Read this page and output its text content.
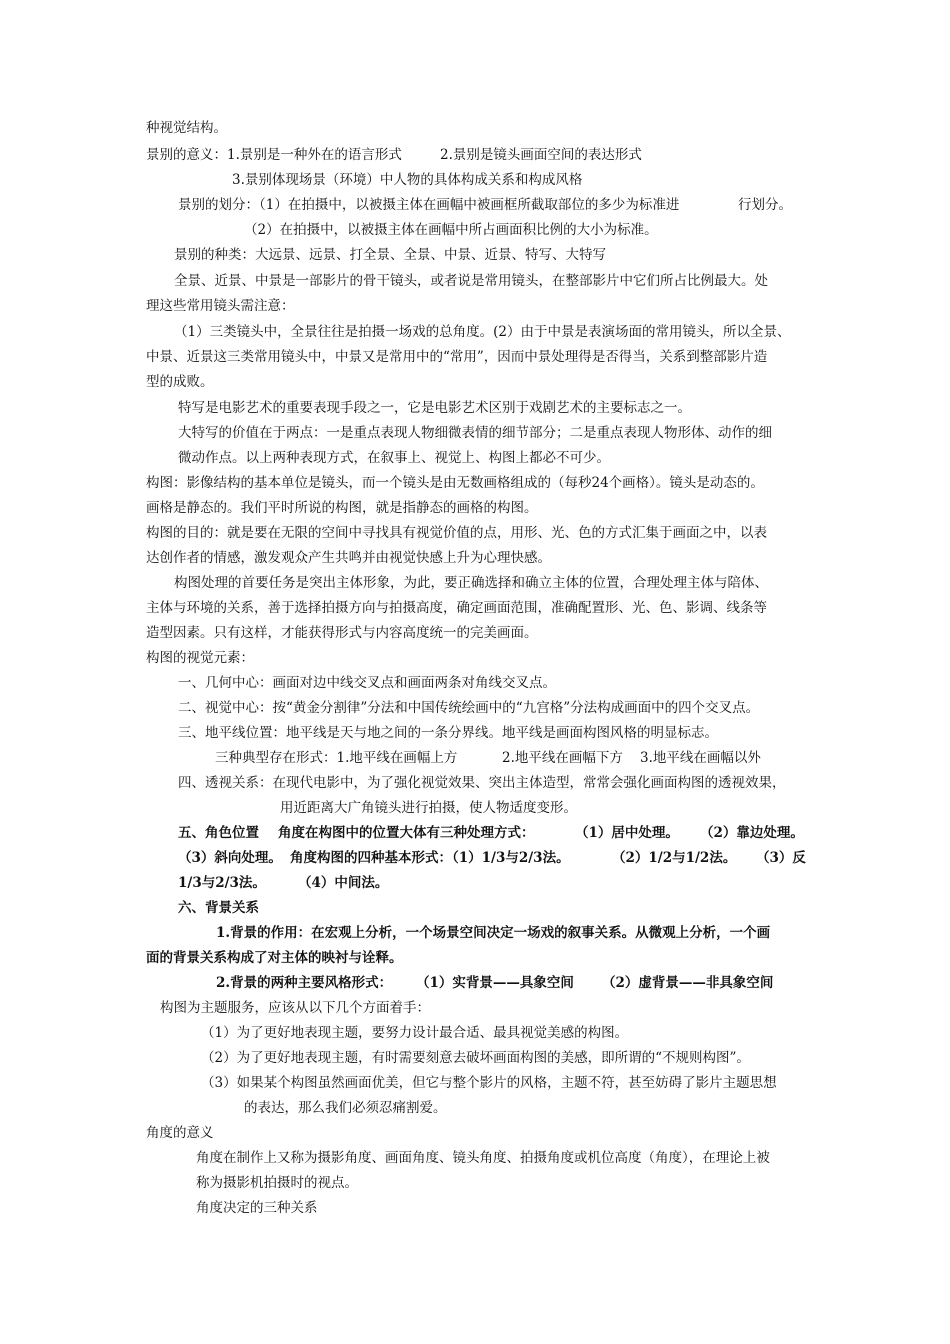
种视觉结构。
景别的意义：1.景别是一种外在的语言形式	2.景别是镜头画面空间的表达形式
3.景别体现场景（环境）中人物的具体构成关系和构成风格
景别的划分：（1）在拍摄中，以被摄主体在画幅中被画框所截取部位的多少为标准进	行划分。
（2）在拍摄中，以被摄主体在画幅中所占画面积比例的大小为标准。
景别的种类：大远景、远景、打全景、全景、中景、近景、特写、大特写
全景、近景、中景是一部影片的骨干镜头，或者说是常用镜头，在整部影片中它们所占比例最大。处
理这些常用镜头需注意：
（1）三类镜头中，全景往往是拍摄一场戏的总角度。(2）由于中景是表演场面的常用镜头，所以全景、
中景、近景这三类常用镜头中，中景又是常用中的“常用”，因而中景处理得是否得当，关系到整部影片造
型的成败。
特写是电影艺术的重要表现手段之一，它是电影艺术区别于戏剧艺术的主要标志之一。
大特写的价值在于两点：一是重点表现人物细微表情的细节部分；二是重点表现人物形体、动作的细
微动作点。以上两种表现方式，在叙事上、视觉上、构图上都必不可少。
构图：影像结构的基本单位是镜头，而一个镜头是由无数画格组成的（每秒24个画格）。镜头是动态的。
画格是静态的。我们平时所说的构图，就是指静态的画格的构图。
构图的目的：就是要在无限的空间中寻找具有视觉价值的点，用形、光、色的方式汇集于画面之中，以表
达创作者的情感，激发观众产生共鸣并由视觉快感上升为心理快感。
构图处理的首要任务是突出主体形象，为此，要正确选择和确立主体的位置，合理处理主体与陪体、
主体与环境的关系，善于选择拍摄方向与拍摄高度，确定画面范围，准确配置形、光、色、影调、线条等
造型因素。只有这样，才能获得形式与内容高度统一的完美画面。
构图的视觉元素：
一、几何中心：画面对边中线交叉点和画面两条对角线交叉点。
二、视觉中心：按“黄金分割律”分法和中国传统绘画中的“九宫格”分法构成画面中的四个交叉点。
三、地平线位置：地平线是天与地之间的一条分界线。地平线是画面构图风格的明显标志。
三种典型存在形式：1.地平线在画幅上方	2.地平线在画幅下方 3.地平线在画幅以外
四、透视关系：在现代电影中，为了强化视觉效果、突出主体造型，常常会强化画面构图的透视效果，
用近距离大广角镜头进行拍摄，使人物适度变形。
五、角色位置 角度在构图中的位置大体有三种处理方式：	（1）居中处理。 （2）靠边处理。
（3）斜向处理。 角度构图的四种基本形式：（1）1/3与2/3法。	（2）1/2与1/2法。 （3）反
1/3与2/3法。 （4）中间法。
六、背景关系
1.背景的作用：在宏观上分析，一个场景空间决定一场戏的叙事关系。从微观上分析，一个画
面的背景关系构成了对主体的映衬与诠释。
2.背景的两种主要风格形式： （1）实背景——具象空间 （2）虚背景——非具象空间
构图为主题服务，应该从以下几个方面着手：
（1）为了更好地表现主题，要努力设计最合适、最具视觉美感的构图。
（2）为了更好地表现主题，有时需要刻意去破坏画面构图的美感，即所谓的“不规则构图”。
（3）如果某个构图虽然画面优美，但它与整个影片的风格，主题不符，甚至妨碍了影片主题思想
的表达，那么我们必须忍痛割爱。
角度的意义
角度在制作上又称为摄影角度、画面角度、镜头角度、拍摄角度或机位高度（角度），在理论上被
称为摄影机拍摄时的视点。
角度决定的三种关系
